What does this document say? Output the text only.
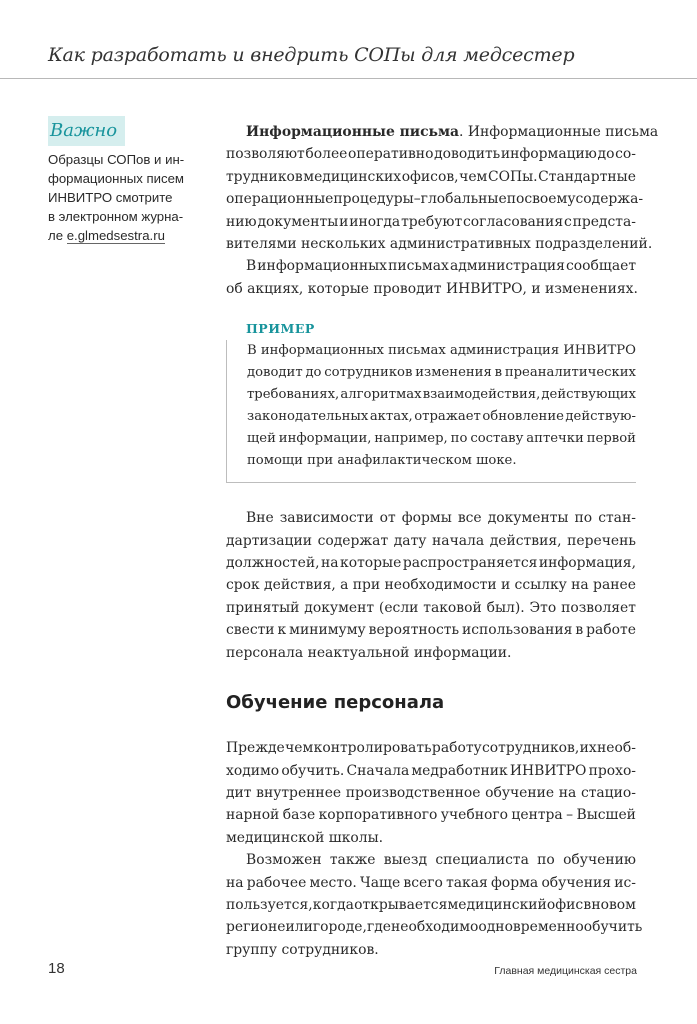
Как разработать и внедрить СОПы для медсестер
Важно
Образцы СОПов и ин-
формационных писем
ИНВИТРО смотрите
в электронном журна-
ле e.glmedsestra.ru
Информационные письма. Информационные письма
позволяют более оперативно доводить информацию до со-
трудников медицинских офисов, чем СОПы. Стандартные
операционные процедуры – глобальные по своему содержа-
нию документы и иногда требуют согласования с предста-
вителями нескольких административных подразделений.
В информационных письмах администрация сообщает
об акциях, которые проводит ИНВИТРО, и изменениях.
ПРИМЕР
В информационных письмах администрация ИНВИТРО
доводит до сотрудников изменения в преаналитических
требованиях, алгоритмах взаимодействия, действующих
законодательных актах, отражает обновление действую-
щей информации, например, по составу аптечки первой
помощи при анафилактическом шоке.
Вне зависимости от формы все документы по стан-
дартизации содержат дату начала действия, перечень
должностей, на которые распространяется информация,
срок действия, а при необходимости и ссылку на ранее
принятый документ (если таковой был). Это позволяет
свести к минимуму вероятность использования в работе
персонала неактуальной информации.
Обучение персонала
Прежде чем контролировать работу сотрудников, их необ-
ходимо обучить. Сначала медработник ИНВИТРО прохо-
дит внутреннее производственное обучение на стацио-
нарной базе корпоративного учебного центра – Высшей
медицинской школы.
Возможен также выезд специалиста по обучению
на рабочее место. Чаще всего такая форма обучения ис-
пользуется, когда открывается медицинский офис в новом
регионе или городе, где необходимо одновременно обучить
группу сотрудников.
18	Главная медицинская сестра
